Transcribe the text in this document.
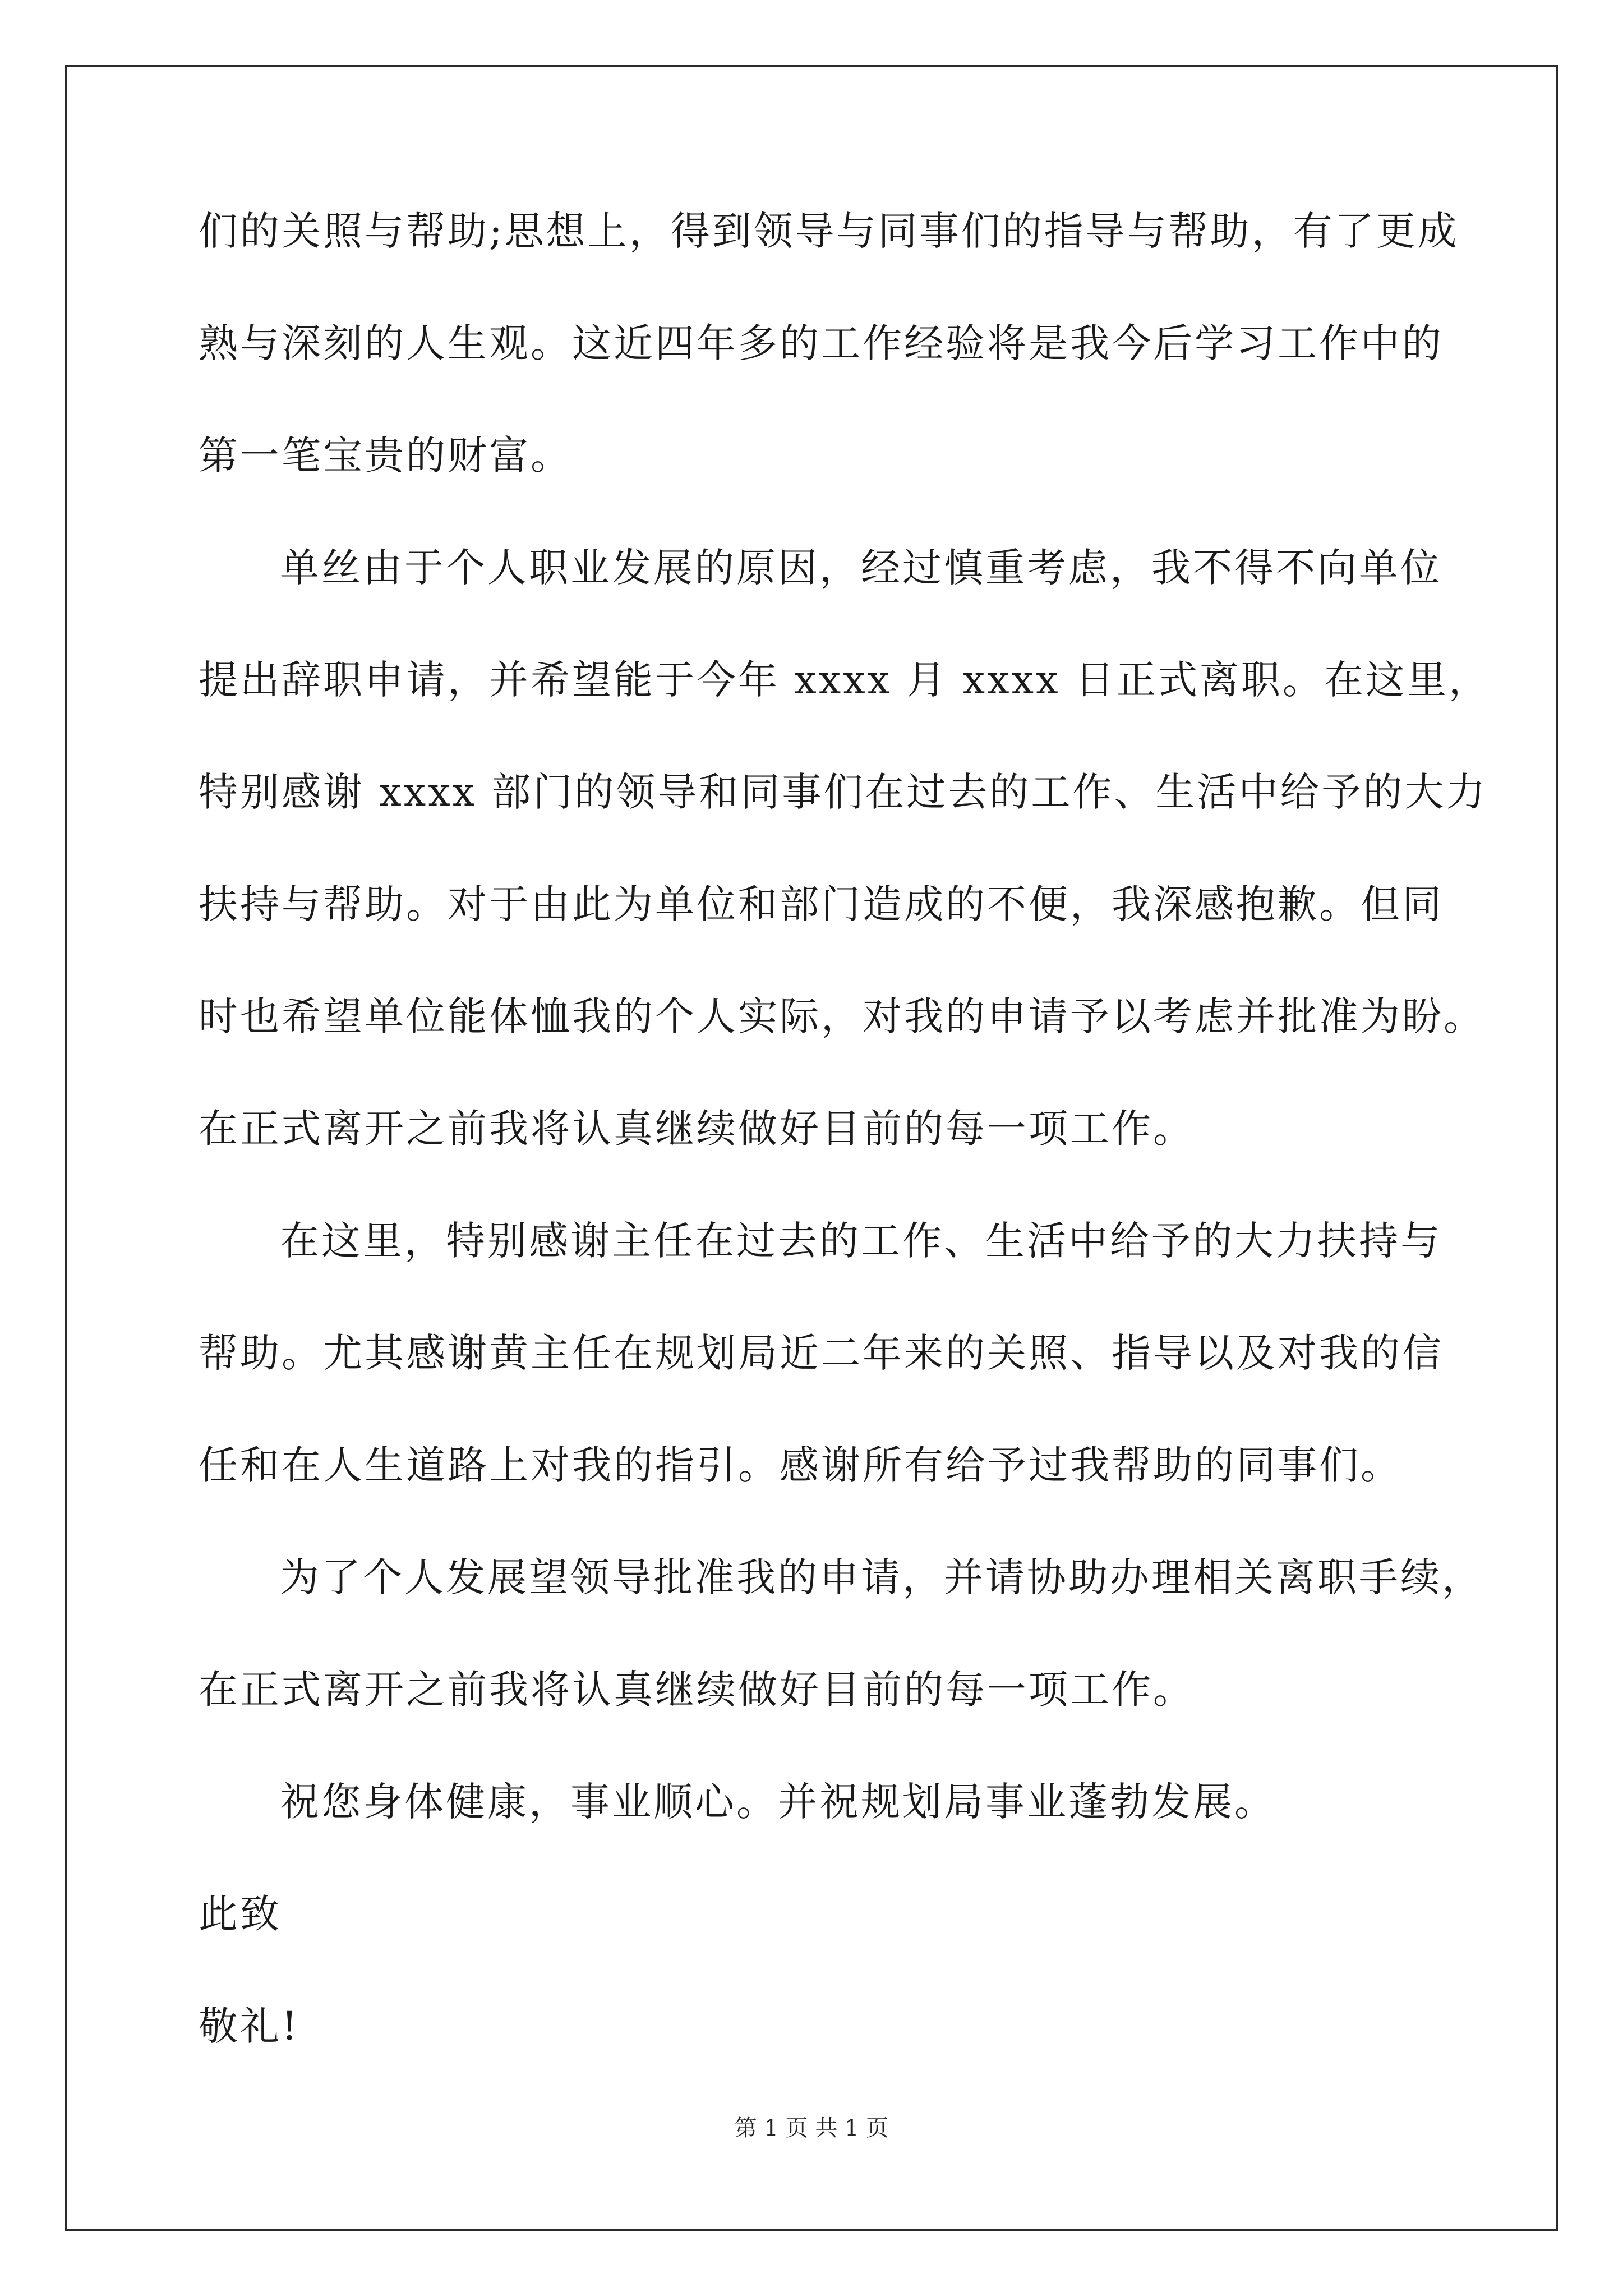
们的关照与帮助;思想上，得到领导与同事们的指导与帮助，有了更成

熟与深刻的人生观。这近四年多的工作经验将是我今后学习工作中的

第一笔宝贵的财富。

单丝由于个人职业发展的原因，经过慎重考虑，我不得不向单位

提出辞职申请，并希望能于今年 xxxx 月 xxxx 日正式离职。在这里，

特别感谢 xxxx 部门的领导和同事们在过去的工作、生活中给予的大力

扶持与帮助。对于由此为单位和部门造成的不便，我深感抱歉。但同

时也希望单位能体恤我的个人实际，对我的申请予以考虑并批准为盼。

在正式离开之前我将认真继续做好目前的每一项工作。

在这里，特别感谢主任在过去的工作、生活中给予的大力扶持与

帮助。尤其感谢黄主任在规划局近二年来的关照、指导以及对我的信

任和在人生道路上对我的指引。感谢所有给予过我帮助的同事们。

为了个人发展望领导批准我的申请，并请协助办理相关离职手续，

在正式离开之前我将认真继续做好目前的每一项工作。

祝您身体健康，事业顺心。并祝规划局事业蓬勃发展。

此致

敬礼!

第 1 页 共 1 页
